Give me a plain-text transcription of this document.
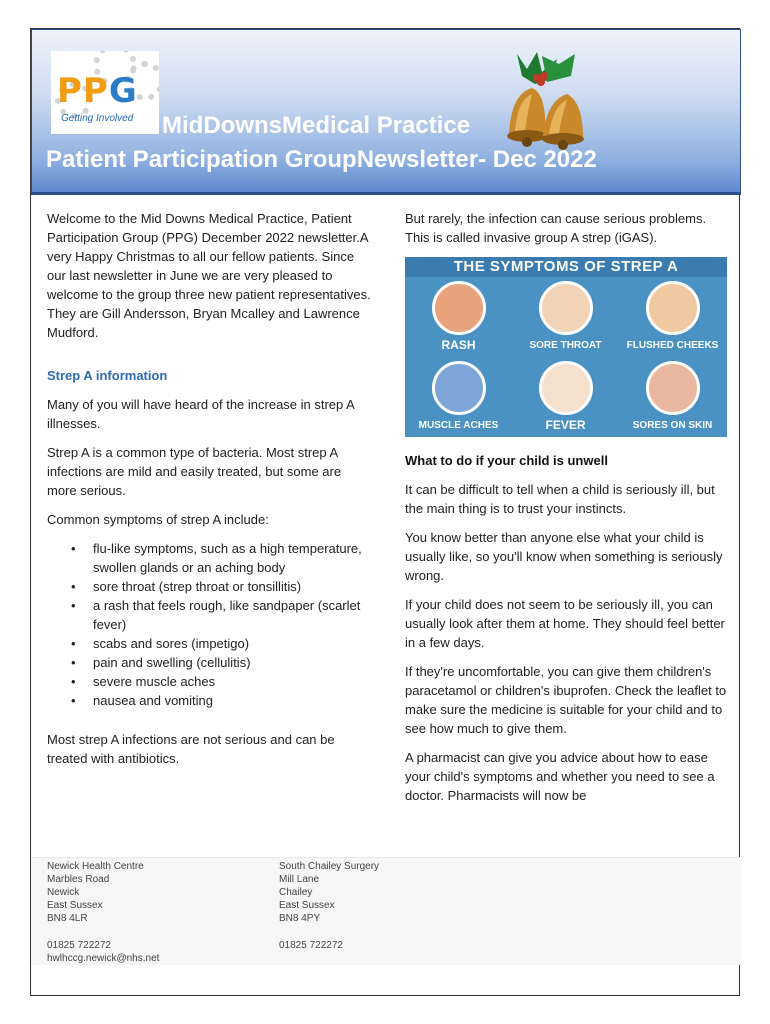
PPG
Getting Involved MidDownsMedical Practice
Patient Participation GroupNewsletter- Dec 2022

Welcome to the Mid Downs Medical Practice, Patient Participation Group (PPG) December 2022 newsletter.A very Happy Christmas to all our fellow patients. Since our last newsletter in June we are very pleased to welcome to the group three new patient representatives. They are Gill Andersson, Bryan Mcalley and Lawrence Mudford.

Strep A information

Many of you will have heard of the increase in strep A illnesses.

Strep A is a common type of bacteria. Most strep A infections are mild and easily treated, but some are more serious.

Common symptoms of strep A include:

• flu-like symptoms, such as a high temperature, swollen glands or an aching body
• sore throat (strep throat or tonsillitis)
• a rash that feels rough, like sandpaper (scarlet fever)
• scabs and sores (impetigo)
• pain and swelling (cellulitis)
• severe muscle aches
• nausea and vomiting

Most strep A infections are not serious and can be treated with antibiotics.

But rarely, the infection can cause serious problems. This is called invasive group A strep (iGAS).

THE SYMPTOMS OF STREP A
RASH	SORE THROAT	FLUSHED CHEEKS
MUSCLE ACHES	FEVER	SORES ON SKIN
What to do if your child is unwell

It can be difficult to tell when a child is seriously ill, but the main thing is to trust your instincts.

You know better than anyone else what your child is usually like, so you'll know when something is seriously wrong.

If your child does not seem to be seriously ill, you can usually look after them at home. They should feel better in a few days.

If they're uncomfortable, you can give them children's paracetamol or children's ibuprofen. Check the leaflet to make sure the medicine is suitable for your child and to see how much to give them.

A pharmacist can give you advice about how to ease your child's symptoms and whether you need to see a doctor. Pharmacists will now be

Newick Health Centre
Marbles Road
Newick
East Sussex
BN8 4LR
01825 722272
hwlhccg.newick@nhs.net
South Chailey Surgery
Mill Lane
Chailey
East Sussex
BN8 4PY
01825 722272
